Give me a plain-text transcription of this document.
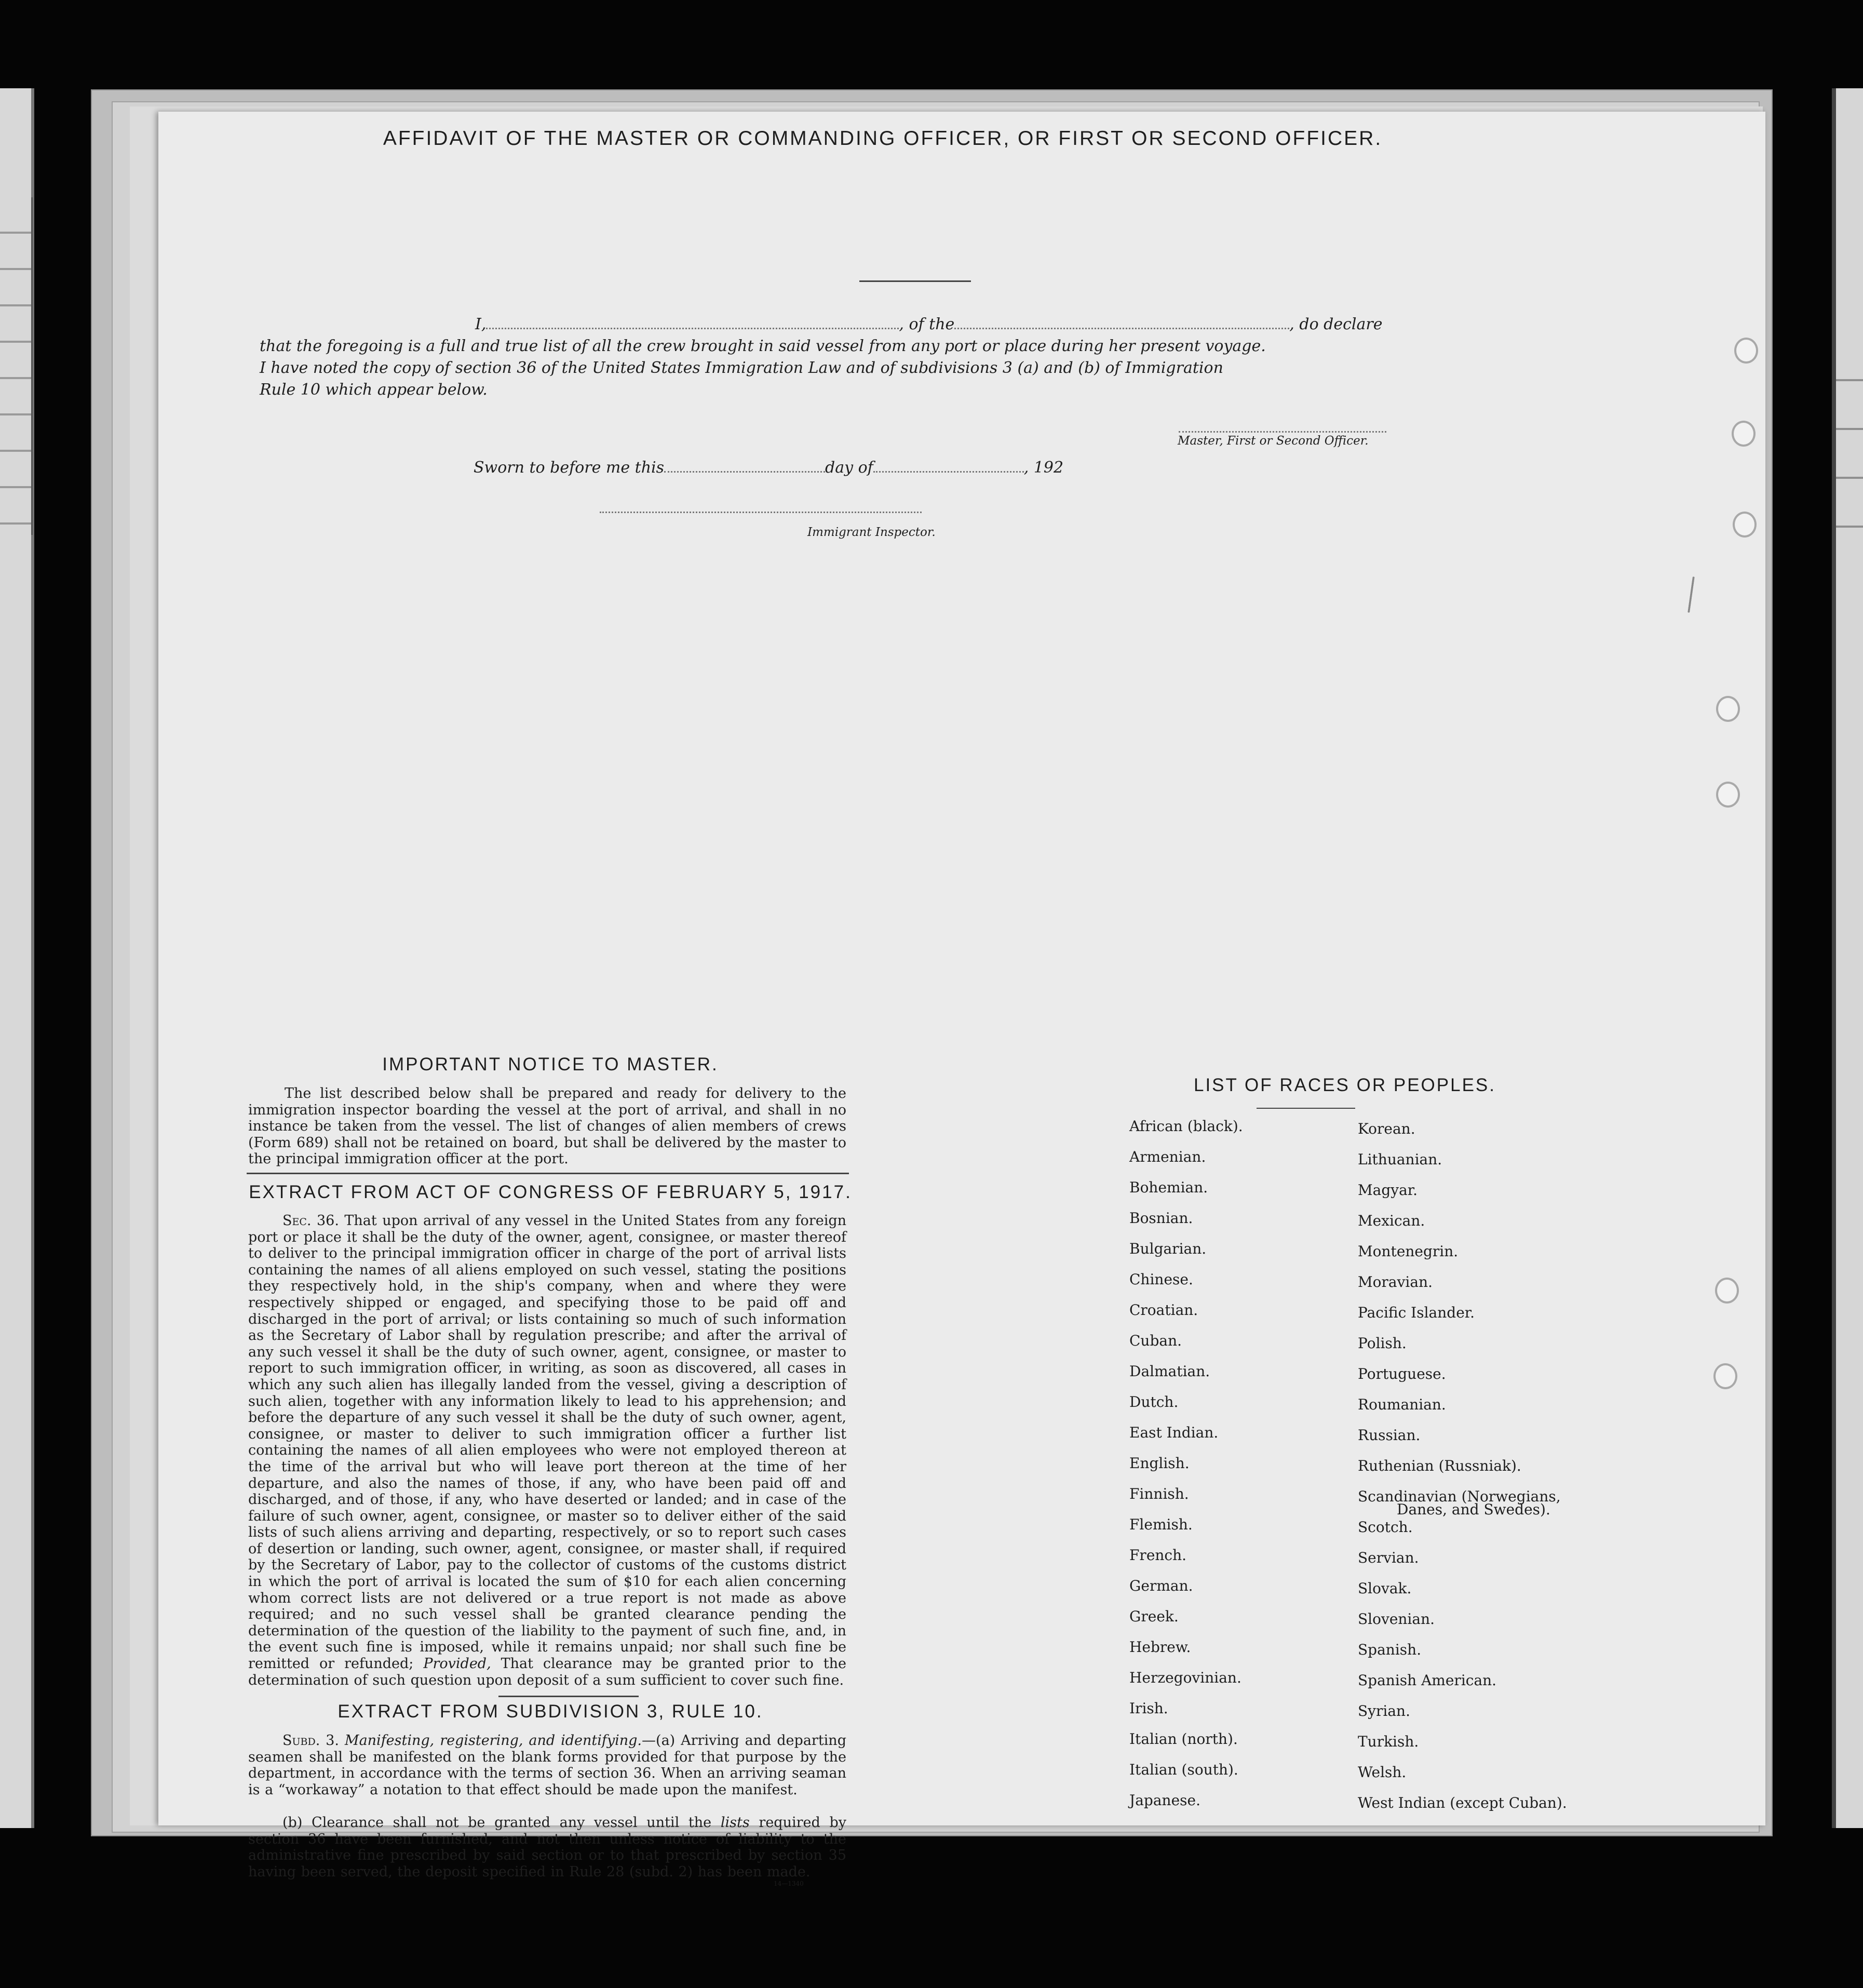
AFFIDAVIT OF THE MASTER OR COMMANDING OFFICER, OR FIRST OR SECOND OFFICER.
I,	, of the	, do declare
that the foregoing is a full and true list of all the crew brought in said vessel from any port or place during her present voyage.
I have noted the copy of section 36 of the United States Immigration Law and of subdivisions 3 (a) and (b) of Immigration
Rule 10 which appear below.
Master, First or Second Officer.
Sworn to before me this	day of	, 192
Immigrant Inspector.
IMPORTANT NOTICE TO MASTER.
The list described below shall be prepared and ready for delivery to the immigration inspector boarding the vessel at the port of arrival, and shall in no instance be taken from the vessel. The list of changes of alien members of crews (Form 689) shall not be retained on board, but shall be delivered by the master to the principal immigration officer at the port.
EXTRACT FROM ACT OF CONGRESS OF FEBRUARY 5, 1917.
Sec. 36. That upon arrival of any vessel in the United States from any foreign port or place it shall be the duty of the owner, agent, consignee, or master thereof to deliver to the principal immigration officer in charge of the port of arrival lists containing the names of all aliens employed on such vessel, stating the positions they respectively hold, in the ship's company, when and where they were respectively shipped or engaged, and specifying those to be paid off and discharged in the port of arrival; or lists containing so much of such information as the Secretary of Labor shall by regulation prescribe; and after the arrival of any such vessel it shall be the duty of such owner, agent, consignee, or master to report to such immigration officer, in writing, as soon as discovered, all cases in which any such alien has illegally landed from the vessel, giving a description of such alien, together with any information likely to lead to his apprehension; and before the departure of any such vessel it shall be the duty of such owner, agent, consignee, or master to deliver to such immigration officer a further list containing the names of all alien employees who were not employed thereon at the time of the arrival but who will leave port thereon at the time of her departure, and also the names of those, if any, who have been paid off and discharged, and of those, if any, who have deserted or landed; and in case of the failure of such owner, agent, consignee, or master so to deliver either of the said lists of such aliens arriving and departing, respectively, or so to report such cases of desertion or landing, such owner, agent, consignee, or master shall, if required by the Secretary of Labor, pay to the collector of customs of the customs district in which the port of arrival is located the sum of $10 for each alien concerning whom correct lists are not delivered or a true report is not made as above required; and no such vessel shall be granted clearance pending the determination of the question of the liability to the payment of such fine, and, in the event such fine is imposed, while it remains unpaid; nor shall such fine be remitted or refunded; Provided, That clearance may be granted prior to the determination of such question upon deposit of a sum sufficient to cover such fine.
EXTRACT FROM SUBDIVISION 3, RULE 10.
Subd. 3. Manifesting, registering, and identifying.—(a) Arriving and departing seamen shall be manifested on the blank forms provided for that purpose by the department, in accordance with the terms of section 36. When an arriving seaman is a “workaway” a notation to that effect should be made upon the manifest.
(b) Clearance shall not be granted any vessel until the lists required by section 36 have been furnished, and not then unless notice of liability to the administrative fine prescribed by said section or to that prescribed by section 35 having been served, the deposit specified in Rule 28 (subd. 2) has been made.
14—1340
LIST OF RACES OR PEOPLES.
African (black).
Armenian.
Bohemian.
Bosnian.
Bulgarian.
Chinese.
Croatian.
Cuban.
Dalmatian.
Dutch.
East Indian.
English.
Finnish.
Flemish.
French.
German.
Greek.
Hebrew.
Herzegovinian.
Irish.
Italian (north).
Italian (south).
Japanese.
Korean.
Lithuanian.
Magyar.
Mexican.
Montenegrin.
Moravian.
Pacific Islander.
Polish.
Portuguese.
Roumanian.
Russian.
Ruthenian (Russniak).
Scandinavian (Norwegians,
Scotch.
Servian.
Slovak.
Slovenian.
Spanish.
Spanish American.
Syrian.
Turkish.
Welsh.
West Indian (except Cuban).
Danes, and Swedes).
